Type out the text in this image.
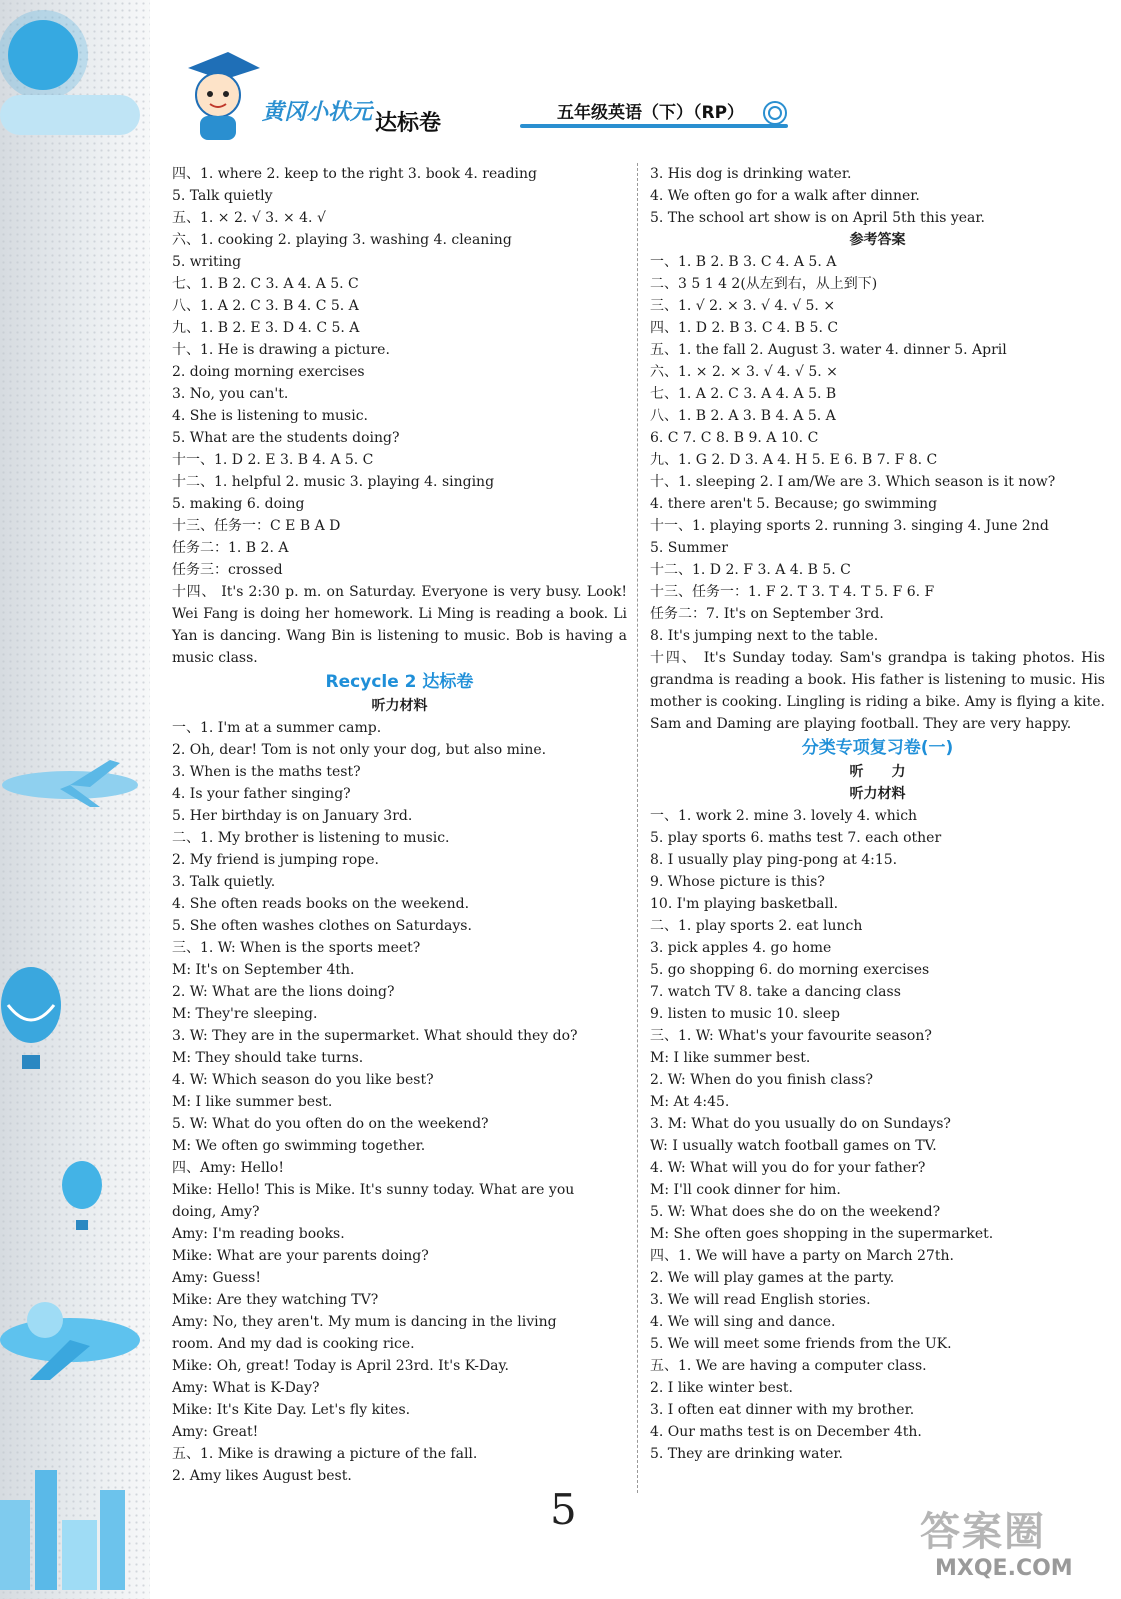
黄冈小状元 达标卷	五年级英语（下）（RP）
四、1. where 2. keep to the right 3. book 4. reading
5. Talk quietly
五、1. × 2. √ 3. × 4. √
六、1. cooking 2. playing 3. washing 4. cleaning
5. writing
七、1. B 2. C 3. A 4. A 5. C
八、1. A 2. C 3. B 4. C 5. A
九、1. B 2. E 3. D 4. C 5. A
十、1. He is drawing a picture.
2. doing morning exercises
3. No, you can't.
4. She is listening to music.
5. What are the students doing?
十一、1. D 2. E 3. B 4. A 5. C
十二、1. helpful 2. music 3. playing 4. singing
5. making 6. doing
十三、任务一：C E B A D
任务二：1. B 2. A
任务三：crossed
十四、 It's 2:30 p. m. on Saturday. Everyone is very busy. Look! Wei Fang is doing her homework. Li Ming is reading a book. Li Yan is dancing. Wang Bin is listening to music. Bob is having a music class.
Recycle 2 达标卷
听力材料
一、1. I'm at a summer camp.
2. Oh, dear! Tom is not only your dog, but also mine.
3. When is the maths test?
4. Is your father singing?
5. Her birthday is on January 3rd.
二、1. My brother is listening to music.
2. My friend is jumping rope.
3. Talk quietly.
4. She often reads books on the weekend.
5. She often washes clothes on Saturdays.
三、1. W: When is the sports meet?
M: It's on September 4th.
2. W: What are the lions doing?
M: They're sleeping.
3. W: They are in the supermarket. What should they do?
M: They should take turns.
4. W: Which season do you like best?
M: I like summer best.
5. W: What do you often do on the weekend?
M: We often go swimming together.
四、Amy: Hello!
Mike: Hello! This is Mike. It's sunny today. What are you
doing, Amy?
Amy: I'm reading books.
Mike: What are your parents doing?
Amy: Guess!
Mike: Are they watching TV?
Amy: No, they aren't. My mum is dancing in the living
room. And my dad is cooking rice.
Mike: Oh, great! Today is April 23rd. It's K-Day.
Amy: What is K-Day?
Mike: It's Kite Day. Let's fly kites.
Amy: Great!
五、1. Mike is drawing a picture of the fall.
2. Amy likes August best.
3. His dog is drinking water.
4. We often go for a walk after dinner.
5. The school art show is on April 5th this year.
参考答案
一、1. B 2. B 3. C 4. A 5. A
二、3 5 1 4 2(从左到右，从上到下)
三、1. √ 2. × 3. √ 4. √ 5. ×
四、1. D 2. B 3. C 4. B 5. C
五、1. the fall 2. August 3. water 4. dinner 5. April
六、1. × 2. × 3. √ 4. √ 5. ×
七、1. A 2. C 3. A 4. A 5. B
八、1. B 2. A 3. B 4. A 5. A
6. C 7. C 8. B 9. A 10. C
九、1. G 2. D 3. A 4. H 5. E 6. B 7. F 8. C
十、1. sleeping 2. I am/We are 3. Which season is it now?
4. there aren't 5. Because; go swimming
十一、1. playing sports 2. running 3. singing 4. June 2nd
5. Summer
十二、1. D 2. F 3. A 4. B 5. C
十三、任务一：1. F 2. T 3. T 4. T 5. F 6. F
任务二：7. It's on September 3rd.
8. It's jumping next to the table.
十四、 It's Sunday today. Sam's grandpa is taking photos. His grandma is reading a book. His father is listening to music. His mother is cooking. Lingling is riding a bike. Amy is flying a kite. Sam and Daming are playing football. They are very happy.
分类专项复习卷(一)
听　　力
听力材料
一、1. work 2. mine 3. lovely 4. which
5. play sports 6. maths test 7. each other
8. I usually play ping-pong at 4:15.
9. Whose picture is this?
10. I'm playing basketball.
二、1. play sports 2. eat lunch
3. pick apples 4. go home
5. go shopping 6. do morning exercises
7. watch TV 8. take a dancing class
9. listen to music 10. sleep
三、1. W: What's your favourite season?
M: I like summer best.
2. W: When do you finish class?
M: At 4:45.
3. M: What do you usually do on Sundays?
W: I usually watch football games on TV.
4. W: What will you do for your father?
M: I'll cook dinner for him.
5. W: What does she do on the weekend?
M: She often goes shopping in the supermarket.
四、1. We will have a party on March 27th.
2. We will play games at the party.
3. We will read English stories.
4. We will sing and dance.
5. We will meet some friends from the UK.
五、1. We are having a computer class.
2. I like winter best.
3. I often eat dinner with my brother.
4. Our maths test is on December 4th.
5. They are drinking water.
5	答案圈
MXQE.COM
